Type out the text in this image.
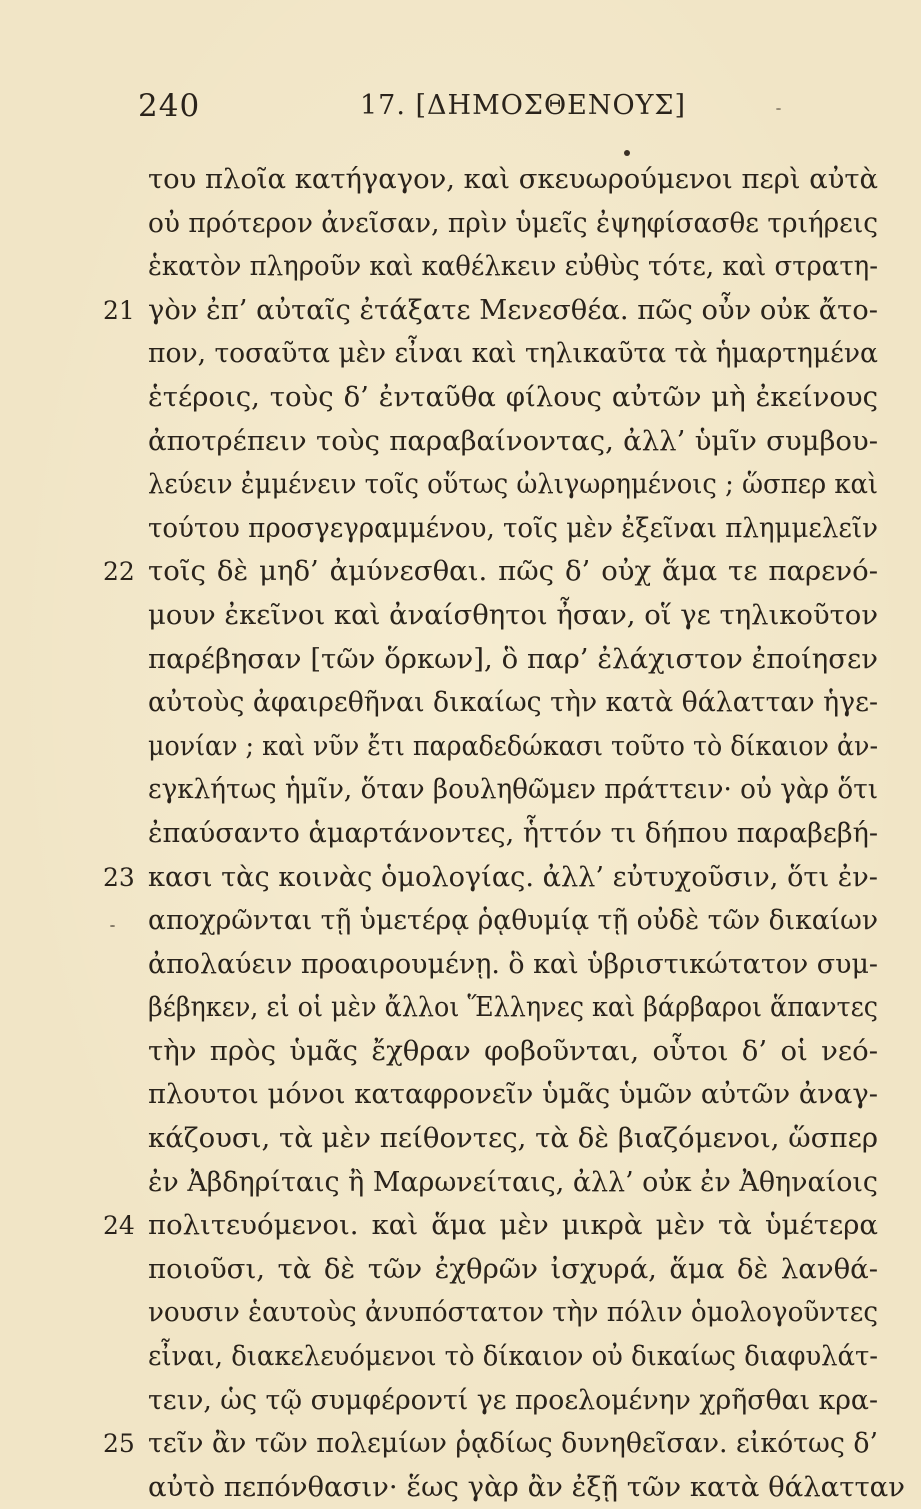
240	17. [ΔΗΜΟΣΘΕΝΟΥΣ]
του πλοῖα κατήγαγον, καὶ σκευωρούμενοι περὶ αὐτὰ
οὐ πρότερον ἀνεῖσαν, πρὶν ὑμεῖς ἐψηφίσασθε τριήρεις
ἑκατὸν πληροῦν καὶ καθέλκειν εὐθὺς τότε, καὶ στρατη-
γὸν ἐπ’ αὐταῖς ἐτάξατε Μενεσθέα. πῶς οὖν οὐκ ἄτο-
21
πον, τοσαῦτα μὲν εἶναι καὶ τηλικαῦτα τὰ ἡμαρτημένα
ἑτέροις, τοὺς δ’ ἐνταῦθα φίλους αὐτῶν μὴ ἐκείνους
ἀποτρέπειν τοὺς παραβαίνοντας, ἀλλ’ ὑμῖν συμβου-
λεύειν ἐμμένειν τοῖς οὕτως ὠλιγωρημένοις ; ὥσπερ καὶ
τούτου προσγεγραμμένου, τοῖς μὲν ἐξεῖναι πλημμελεῖν
τοῖς δὲ μηδ’ ἀμύνεσθαι. πῶς δ’ οὐχ ἅμα τε παρενό-
22
μουν ἐκεῖνοι καὶ ἀναίσθητοι ἦσαν, οἵ γε τηλικοῦτον
παρέβησαν [τῶν ὅρκων], ὃ παρ’ ἐλάχιστον ἐποίησεν
αὐτοὺς ἀφαιρεθῆναι δικαίως τὴν κατὰ θάλατταν ἡγε-
μονίαν ; καὶ νῦν ἔτι παραδεδώκασι τοῦτο τὸ δίκαιον ἀν-
εγκλήτως ἡμῖν, ὅταν βουληθῶμεν πράττειν· οὐ γὰρ ὅτι
ἐπαύσαντο ἁμαρτάνοντες, ἧττόν τι δήπου παραβεβή-
κασι τὰς κοινὰς ὁμολογίας. ἀλλ’ εὐτυχοῦσιν, ὅτι ἐν-
23
αποχρῶνται τῇ ὑμετέρᾳ ῥᾳθυμίᾳ τῇ οὐδὲ τῶν δικαίων
ἀπολαύειν προαιρουμένῃ. ὃ καὶ ὑβριστικώτατον συμ-
βέβηκεν, εἰ οἱ μὲν ἄλλοι Ἕλληνες καὶ βάρβαροι ἅπαντες
τὴν πρὸς ὑμᾶς ἔχθραν φοβοῦνται, οὗτοι δ’ οἱ νεό-
πλουτοι μόνοι καταφρονεῖν ὑμᾶς ὑμῶν αὐτῶν ἀναγ-
κάζουσι, τὰ μὲν πείθοντες, τὰ δὲ βιαζόμενοι, ὥσπερ
ἐν Ἀβδηρίταις ἢ Μαρωνείταις, ἀλλ’ οὐκ ἐν Ἀθηναίοις
πολιτευόμενοι. καὶ ἅμα μὲν μικρὰ μὲν τὰ ὑμέτερα
24
ποιοῦσι, τὰ δὲ τῶν ἐχθρῶν ἰσχυρά, ἅμα δὲ λανθά-
νουσιν ἑαυτοὺς ἀνυπόστατον τὴν πόλιν ὁμολογοῦντες
εἶναι, διακελευόμενοι τὸ δίκαιον οὐ δικαίως διαφυλάτ-
τειν, ὡς τῷ συμφέροντί γε προελομένην χρῆσθαι κρα-
τεῖν ἂν τῶν πολεμίων ῥᾳδίως δυνηθεῖσαν. εἰκότως δ’
25
αὐτὸ πεπόνθασιν· ἕως γὰρ ἂν ἐξῇ τῶν κατὰ θάλατταν
